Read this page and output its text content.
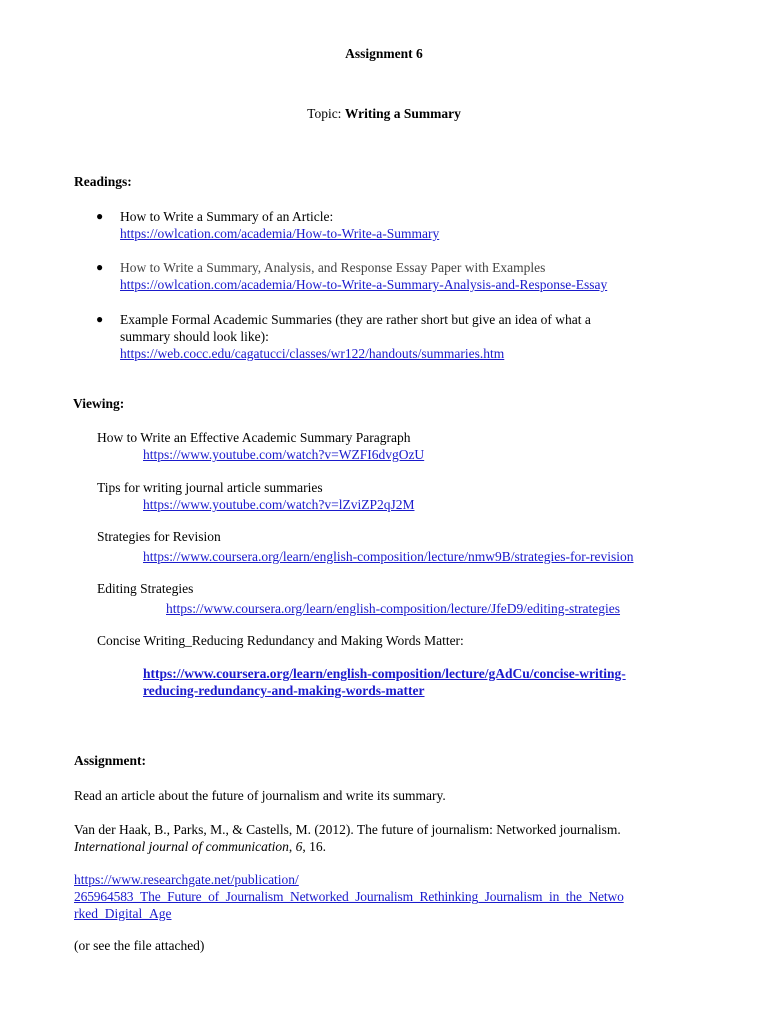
Assignment 6
Topic: Writing a Summary
Readings:
● How to Write a Summary of an Article:
https://owlcation.com/academia/How-to-Write-a-Summary
● How to Write a Summary, Analysis, and Response Essay Paper with Examples
https://owlcation.com/academia/How-to-Write-a-Summary-Analysis-and-Response-Essay
● Example Formal Academic Summaries (they are rather short but give an idea of what a
summary should look like):
https://web.cocc.edu/cagatucci/classes/wr122/handouts/summaries.htm
Viewing:
How to Write an Effective Academic Summary Paragraph
https://www.youtube.com/watch?v=WZFI6dvgOzU
Tips for writing journal article summaries
https://www.youtube.com/watch?v=lZviZP2qJ2M
Strategies for Revision
https://www.coursera.org/learn/english-composition/lecture/nmw9B/strategies-for-revision
Editing Strategies
https://www.coursera.org/learn/english-composition/lecture/JfeD9/editing-strategies
Concise Writing_Reducing Redundancy and Making Words Matter:
https://www.coursera.org/learn/english-composition/lecture/gAdCu/concise-writing-
reducing-redundancy-and-making-words-matter
Assignment:
Read an article about the future of journalism and write its summary.
Van der Haak, B., Parks, M., & Castells, M. (2012). The future of journalism: Networked journalism.
International journal of communication, 6, 16.
https://www.researchgate.net/publication/
265964583_The_Future_of_Journalism_Networked_Journalism_Rethinking_Journalism_in_the_Netwo
rked_Digital_Age
(or see the file attached)
